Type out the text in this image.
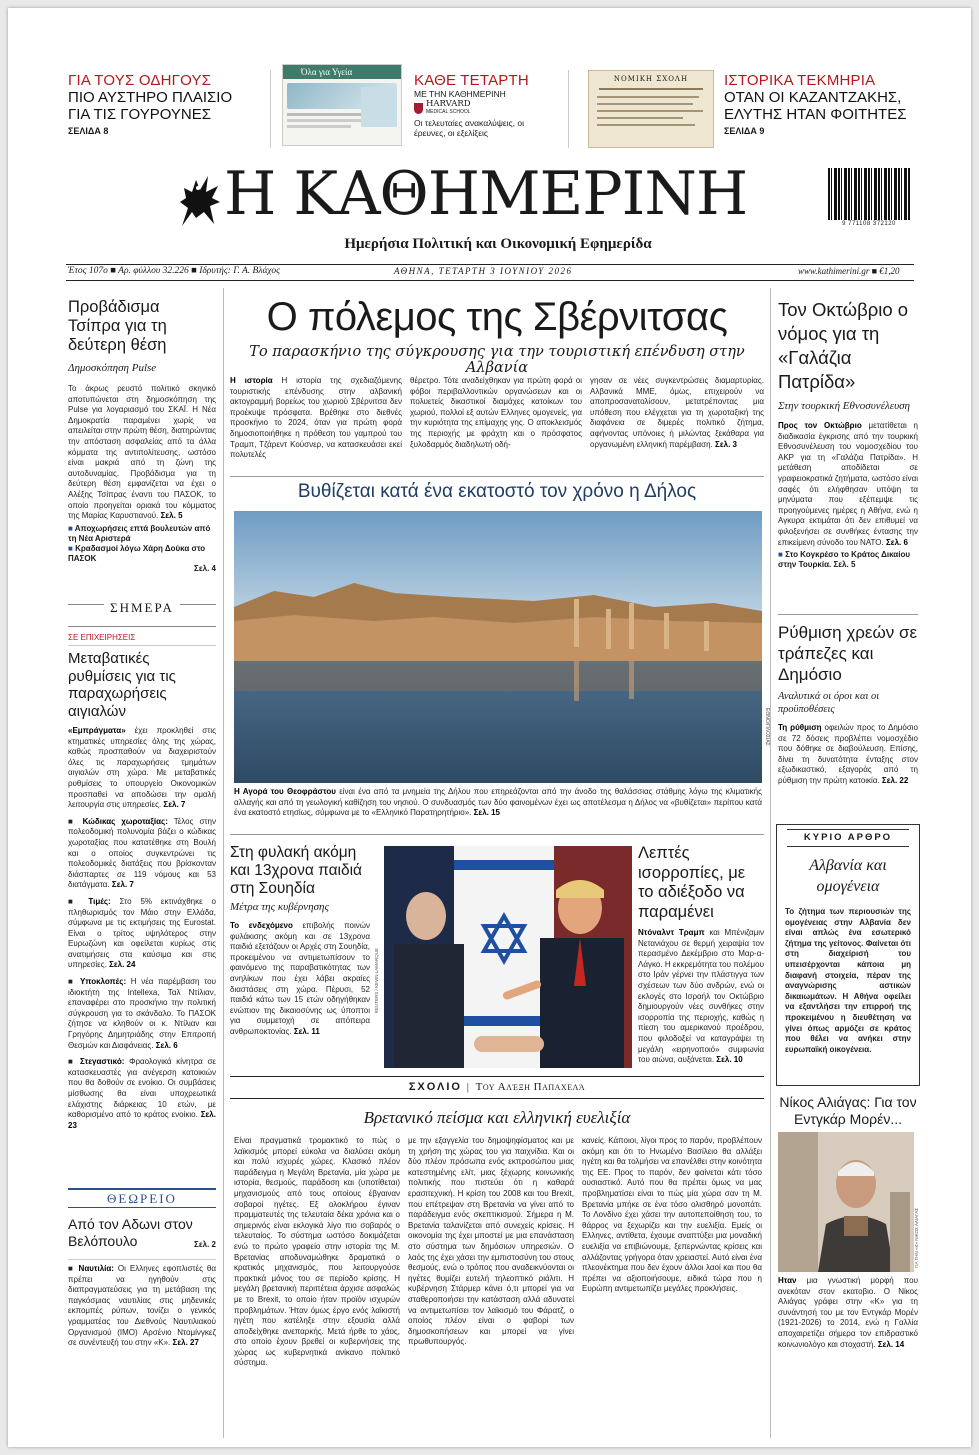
ΓΙΑ ΤΟΥΣ ΟΔΗΓΟΥΣ
ΠΙΟ ΑΥΣΤΗΡΟ ΠΛΑΙΣΙΟ ΓΙΑ ΤΙΣ ΓΟΥΡΟΥΝΕΣ
ΣΕΛΙΔΑ 8
Όλα για Υγεία	ΚΑΘΕ ΤΕΤΑΡΤΗ
ΜΕ ΤΗΝ ΚΑΘΗΜΕΡΙΝΗ
HARVARD
MEDICAL SCHOOL
Οι τελευταίες ανακαλύψεις, οι έρευνες, οι εξελίξεις
ΝΟΜΙΚΗ ΣΧΟΛΗ	ΙΣΤΟΡΙΚΑ ΤΕΚΜΗΡΙΑ
ΟΤΑΝ ΟΙ ΚΑΖΑΝΤΖΑΚΗΣ, ΕΛΥΤΗΣ ΗΤΑΝ ΦΟΙΤΗΤΕΣ
ΣΕΛΙΔΑ 9
Η ΚΑΘΗΜΕΡΙΝΗ
Ημερήσια Πολιτική και Οικονομική Εφημερίδα
9 771108 372120
Έτος 107ο ■ Αρ. φύλλου 32.226 ■ Ιδρυτής: Γ. Α. Βλάχος	ΑΘΗΝΑ, ΤΕΤΑΡΤΗ 3 ΙΟΥΝΙΟΥ 2026	www.kathimerini.gr ■ €1,20
Προβάδισμα Τσίπρα για τη δεύτερη θέση
Δημοσκόπηση Pulse
Το άκρως ρευστό πολιτικό σκηνικό αποτυπώνεται στη δημοσκόπηση της Pulse για λογαριασμό του ΣΚΑΪ. Η Νέα Δημοκρατία παραμένει χωρίς να απειλείται στην πρώτη θέση, διατηρώντας την απόσταση ασφαλείας από τα άλλα κόμματα της αντιπολίτευσης, ωστόσο είναι μακριά από τη ζώνη της αυτοδυναμίας. Προβάδισμα για τη δεύτερη θέση εμφανίζεται να έχει ο Αλέξης Τσίπρας έναντι του ΠΑΣΟΚ, το οποίο προηγείται οριακά του κόμματος της Μαρίας Καρυστιανού. Σελ. 5
■ Αποχωρήσεις επτά βουλευτών από τη Νέα Αριστερά
■ Κραδασμοί λόγω Χάρη Δούκα στο ΠΑΣΟΚ
Σελ. 4
ΣΗΜΕΡΑ
ΣΕ ΕΠΙΧΕΙΡΗΣΕΙΣ
Μεταβατικές ρυθμίσεις για τις παραχωρήσεις αιγιαλών
«Εμπράγματα» έχει προκληθεί στις κτηματικές υπηρεσίες όλης της χώρας, καθώς προσπαθούν να διαχειριστούν όλες τις παραχωρήσεις τμημάτων αιγιαλών στη χώρα. Με μεταβατικές ρυθμίσεις το υπουργείο Οικονομικών προσπαθεί να αποδώσει την ομαλή λειτουργία στις υπηρεσίες. Σελ. 7
■ Κώδικας χωροταξίας: Τέλος στην πολεοδομική πολυνομία βάζει ο κώδικας χωροταξίας που κατατέθηκε στη Βουλή και ο οποίος συγκεντρώνει τις πολεοδομικές διατάξεις που βρίσκονταν διάσπαρτες σε 119 νόμους και 53 διατάγματα. Σελ. 7
■ Τιμές: Στο 5% εκτινάχθηκε ο πληθωρισμός τον Μάιο στην Ελλάδα, σύμφωνα με τις εκτιμήσεις της Eurostat. Είναι ο τρίτος υψηλότερος στην Ευρωζώνη και οφείλεται κυρίως στις ανατιμήσεις στα καύσιμα και στις υπηρεσίες. Σελ. 24
■ Υποκλοπές: Η νέα παρέμβαση του ιδιοκτήτη της Intellexa, Ταλ Ντίλιαν, επαναφέρει στο προσκήνιο την πολιτική σύγκρουση για το σκάνδαλο. Το ΠΑΣΟΚ ζήτησε να κληθούν οι κ. Ντίλιαν και Γρηγόρης Δημητριάδης στην Επιτροπή Θεσμών και Διαφάνειας. Σελ. 6
■ Στεγαστικό: Φραολογικά κίνητρα σε κατασκευαστές για ανέγερση κατοικιών που θα δοθούν σε ενοίκιο. Οι συμβάσεις μίσθωσης θα είναι υποχρεωτικά ελάχιστης διάρκειας 10 ετών, με καθορισμένο από το κράτος ενοίκιο. Σελ. 23
ΘΕΩΡΕΙΟ
Από τον Αδωνι στον Βελόπουλο	Σελ. 2
■ Ναυτιλία: Οι Ελληνες εφοπλιστές θα πρέπει να ηγηθούν στις διαπραγματεύσεις για τη μετάβαση της παγκόσμιας ναυτιλίας στις μηδενικές εκπομπές ρύπων, τονίζει ο γενικός γραμματέας του Διεθνούς Ναυτιλιακού Οργανισμού (ΙΜΟ) Αρσένιο Ντομίνγκεζ σε συνέντευξή του στην «Κ». Σελ. 27
Ο πόλεμος της Σβέρνιτσας
Το παρασκήνιο της σύγκρουσης για την τουριστική επένδυση στην Αλβανία
Η ιστορία Η ιστορία της σχεδιαζόμενης τουριστικής επένδυσης στην αλβανική ακτογραμμή βορείως του χωριού Σβέρνιτσα δεν προέκυψε πρόσφατα. Βρέθηκε στο διεθνές προσκήνιο το 2024, όταν για πρώτη φορά δημοσιοποιήθηκε η πρόθεση του γαμπρού του Τραμπ, Τζάρεντ Κούσνερ, να κατασκευάσει εκεί πολυτελές
θέρετρο. Τότε αναδείχθηκαν για πρώτη φορά οι φόβοι περιβαλλοντικών οργανώσεων και οι πολυετείς δικαστικοί διαμάχες κατοίκων του χωριού, πολλοί εξ αυτών Ελληνες ομογενείς, για την κυριότητα της επίμαχης γης. Ο αποκλεισμός της περιοχής με φράχτη και ο πρόσφατος ξυλοδαρμός διαδηλωτή οδή-
γησαν σε νέες συγκεντρώσεις διαμαρτυρίας. Αλβανικά ΜΜΕ, όμως, επιχειρούν να αποπροσανατολίσουν, μετατρέποντας μια υπόθεση που ελέγχεται για τη χωροταξική της διαφάνεια σε διμερές πολιτικό ζήτημα, αφήνοντας υπόνοιες ή μιλώντας ξεκάθαρα για οργανωμένη ελληνική παρέμβαση. Σελ. 3
Βυθίζεται κατά ένα εκατοστό τον χρόνο η Δήλος
ΕΘΝΟ/ΠΛΟΣΙΑΣ
Η Αγορά του Θεοφράστου είναι ένα από τα μνημεία της Δήλου που επηρεάζονται από την άνοδο της θαλάσσιας στάθμης λόγω της κλιματικής αλλαγής και από τη γεωλογική καθίζηση του νησιού. Ο συνδυασμός των δύο φαινομένων έχει ως αποτέλεσμα η Δήλος να «βυθίζεται» περίπου κατά ένα εκατοστό ετησίως, σύμφωνα με το «Ελληνικό Παρατηρητήριο». Σελ. 15
Στη φυλακή ακόμη και 13χρονα παιδιά στη Σουηδία
Μέτρα της κυβέρνησης
Το ενδεχόμενο επιβολής ποινών φυλάκισης ακόμη και σε 13χρονα παιδιά εξετάζουν οι Αρχές στη Σουηδία, προκειμένου να αντιμετωπίσουν το φαινόμενο της παραβατικότητας των ανηλίκων που έχει λάβει ακραίες διαστάσεις στη χώρα. Πέρυσι, 52 παιδιά κάτω των 15 ετών οδηγήθηκαν ενώπιον της δικαιοσύνης ως ύποπτοι για συμμετοχή σε απόπειρα ανθρωποκτονίας. Σελ. 11
REUTERS / KEVIN LAMARQUE
Λεπτές ισορροπίες, με το αδιέξοδο να παραμένει
Ντόναλντ Τραμπ και Μπένιζαμιν Νετανιάχου σε θερμή χειραψία τον περασμένο Δεκέμβριο στο Μαρ-α-Λάγκο. Η εκκρεμότητα του πολέμου στο Ιράν γέρνει την πλάστιγγα των σχέσεων των δύο ανδρών, ενώ οι εκλογές στο Ισραήλ τον Οκτώβριο δημιουργούν νέες συνθήκες στην ισορροπία της περιοχής, καθώς η πίεση του αμερικανού προέδρου, που φιλοδοξεί να καταγράψει τη μεγάλη «ειρηνοποιό» συμφωνία του αιώνα, αυξάνεται. Σελ. 10
ΣΧΟΛΙΟ | Του Αλέξη Παπαχελά
Βρετανικό πείσμα και ελληνική ευελιξία
Είναι πραγματικά τρομακτικό το πώς ο λαϊκισμός μπορεί εύκολα να διαλύσει ακόμη και πολύ ισχυρές χώρες. Κλασικό πλέον παράδειγμα η Μεγάλη Βρετανία, μία χώρα με ιστορία, θεσμούς, παράδοση και (υποτίθεται) μηχανισμούς από τους οποίους έβγαιναν σοβαροί ηγέτες. Εξ ολοκλήρου έγιναν πραμματευτές της τελευταία δέκα χρόνια και ο σημερινός είναι εκλογικά λίγο πιο σοβαρός ο τελευταίος. Το σύστημα ωστόσο δοκιμάζεται ενώ το πρώτο γραφείο στην ιστορία της Μ. Βρετανίας αποδυναμώθηκε δραματικά ο κρατικός μηχανισμός, που λειτουργούσε πρακτικά μόνος του σε περίοδο κρίσης. Η μεγάλη βρετανική περιπέτεια άρχισε ασφαλώς με το Brexit, το οποίο ήταν προϊόν ισχυρών προβλημάτων. Ήταν όμως έργο ενός λαϊκιστή ηγέτη που κατέληξε στην εξουσία αλλά αποδείχθηκε ανεπαρκής. Μετά ήρθε το χάος, στο οποίο έχουν βρεθεί οι κυβερνήσεις της χώρας ως κυβερνητικά ανίκανο πολιτικό σύστημα.
με την εξαγγελία του δημοψηφίσματος και με τη χρήση της χώρας του για παιχνίδια. Και οι δύο πλέον πρόσωπα ενός εκπροσώπου μιας κατεστημένης ελίτ, μιας ξέχωρης κοινωνικής πολιτικής που πιστεύει ότι η καθαρά ερασιτεχνική. Η κρίση του 2008 και του Brexit, που επέτρεψαν στη Βρετανία να γίνει από το παράδειγμα ενός σκεπτικισμού. Σήμερα η Μ. Βρετανία ταλανίζεται από συνεχείς κρίσεις. Η οικονομία της έχει μποστεί με μια επανάσταση στο σύστημα των δημόσιων υπηρεσιών. Ο λαός της έχει χάσει την εμπιστοσύνη του στους θεσμούς, ενώ ο τρόπος που αναδεικνύονται οι ηγέτες θυμίζει ευτελή τηλεοπτικό ριάλιτι. Η κυβέρνηση Στάρμερ κάνει ό,τι μπορεί για να σταθεροποιήσει την κατάσταση αλλά αδυνατεί να αντιμετωπίσει τον λαϊκισμό του Φάρατζ, ο οποίος πλέον είναι ο φαβορί των δημοσκοπήσεων και μπορεί να γίνει πρωθυπουργός.
κανείς. Κάποιοι, λίγοι προς το παρόν, προβλέπουν ακόμη και ότι το Ηνωμένο Βασίλειο θα αλλάξει ηγέτη και θα τολμήσει να επανέλθει στην κοινότητα της ΕΕ. Προς το παρόν, δεν φαίνεται κάτι τόσο ουσιαστικό. Αυτό που θα πρέπει όμως να μας προβληματίσει είναι το πώς μία χώρα σαν τη Μ. Βρετανία μπήκε σε ένα τόσο ολισθηρό μονοπάτι. Το Λονδίνο έχει χάσει την αυτοπεποίθηση του, το θάρρος να ξεχωρίζει και την ευελιξία. Εμείς οι Ελληνες, αντίθετα, έχουμε αναπτύξει μια μοναδική ευελιξία να επιβιώνουμε, ξεπερνώντας κρίσεις και αλλάζοντας γρήγορα όταν χρειαστεί. Αυτό είναι ένα πλεονέκτημα που δεν έχουν άλλοι λαοί και που θα πρέπει να αξιοποιήσουμε, ειδικά τώρα που η Ευρώπη αντιμετωπίζει μεγάλες προκλήσεις.
Τον Οκτώβριο ο νόμος για τη «Γαλάζια Πατρίδα»
Στην τουρκική Εθνοσυνέλευση
Προς τον Οκτώβριο μετατίθεται η διαδικασία έγκρισης από την τουρκική Εθνοσυνέλευση του νομοσχεδίου του ΑΚΡ για τη «Γαλάζια Πατρίδα». Η μετάθεση αποδίδεται σε γραφειοκρατικά ζητήματα, ωστόσο είναι σαφές ότι ελήφθησαν υπόψη τα μηνύματα που εξέπεμψε τις προηγούμενες ημέρες η Αθήνα, ενώ η Αγκυρα εκτιμάται ότι δεν επιθυμεί να φιλοξενήσει σε συνθήκες έντασης την επικείμενη σύνοδο του ΝΑΤΟ. Σελ. 6
■ Στο Κογκρέσο το Κράτος Δικαίου στην Τουρκία. Σελ. 5
Ρύθμιση χρεών σε τράπεζες και Δημόσιο
Αναλυτικά οι όροι και οι προϋποθέσεις
Τη ρύθμιση οφειλών προς το Δημόσιο σε 72 δόσεις προβλέπει νομοσχέδιο που δόθηκε σε διαβούλευση. Επίσης, δίνει τη δυνατότητα ένταξης στον εξωδικαστικό, εξαγοράς από τη ρύθμιση την πρώτη κατοικία. Σελ. 22
ΚΥΡΙΟ ΑΡΘΡΟ
Αλβανία και ομογένεια
Το ζήτημα των περιουσιών της ομογένειας στην Αλβανία δεν είναι απλώς ένα εσωτερικό ζήτημα της γείτονος. Φαίνεται ότι στη διαχείρισή του υπεισέρχονται κάποια μη διαφανή στοιχεία, πέραν της αναγνώρισης αστικών δικαιωμάτων. Η Αθήνα οφείλει να εξαντλήσει την επιρροή της προκειμένου η διευθέτηση να γίνει όπως αρμόζει σε κράτος που θέλει να ανήκει στην ευρωπαϊκή οικογένεια.
Νίκος Αλιάγας: Για τον Εντγκάρ Μορέν...
ΓΙΑ ΤΗΝ «Κ» ΝΙΚΟΣ ΑΛΙΑΓΑΣ
Ηταν μια γνωστική μορφή που ανεκόταν στον εκατοβιο. Ο Νίκος Αλιάγας γράφει στην «Κ» για τη συνάντησή του με τον Εντγκάρ Μορέν (1921-2026) το 2014, ενώ η Γαλλία αποχαιρετίζει σήμερα τον επιδραστικό κοινωνιολόγο και στοχαστή. Σελ. 14
